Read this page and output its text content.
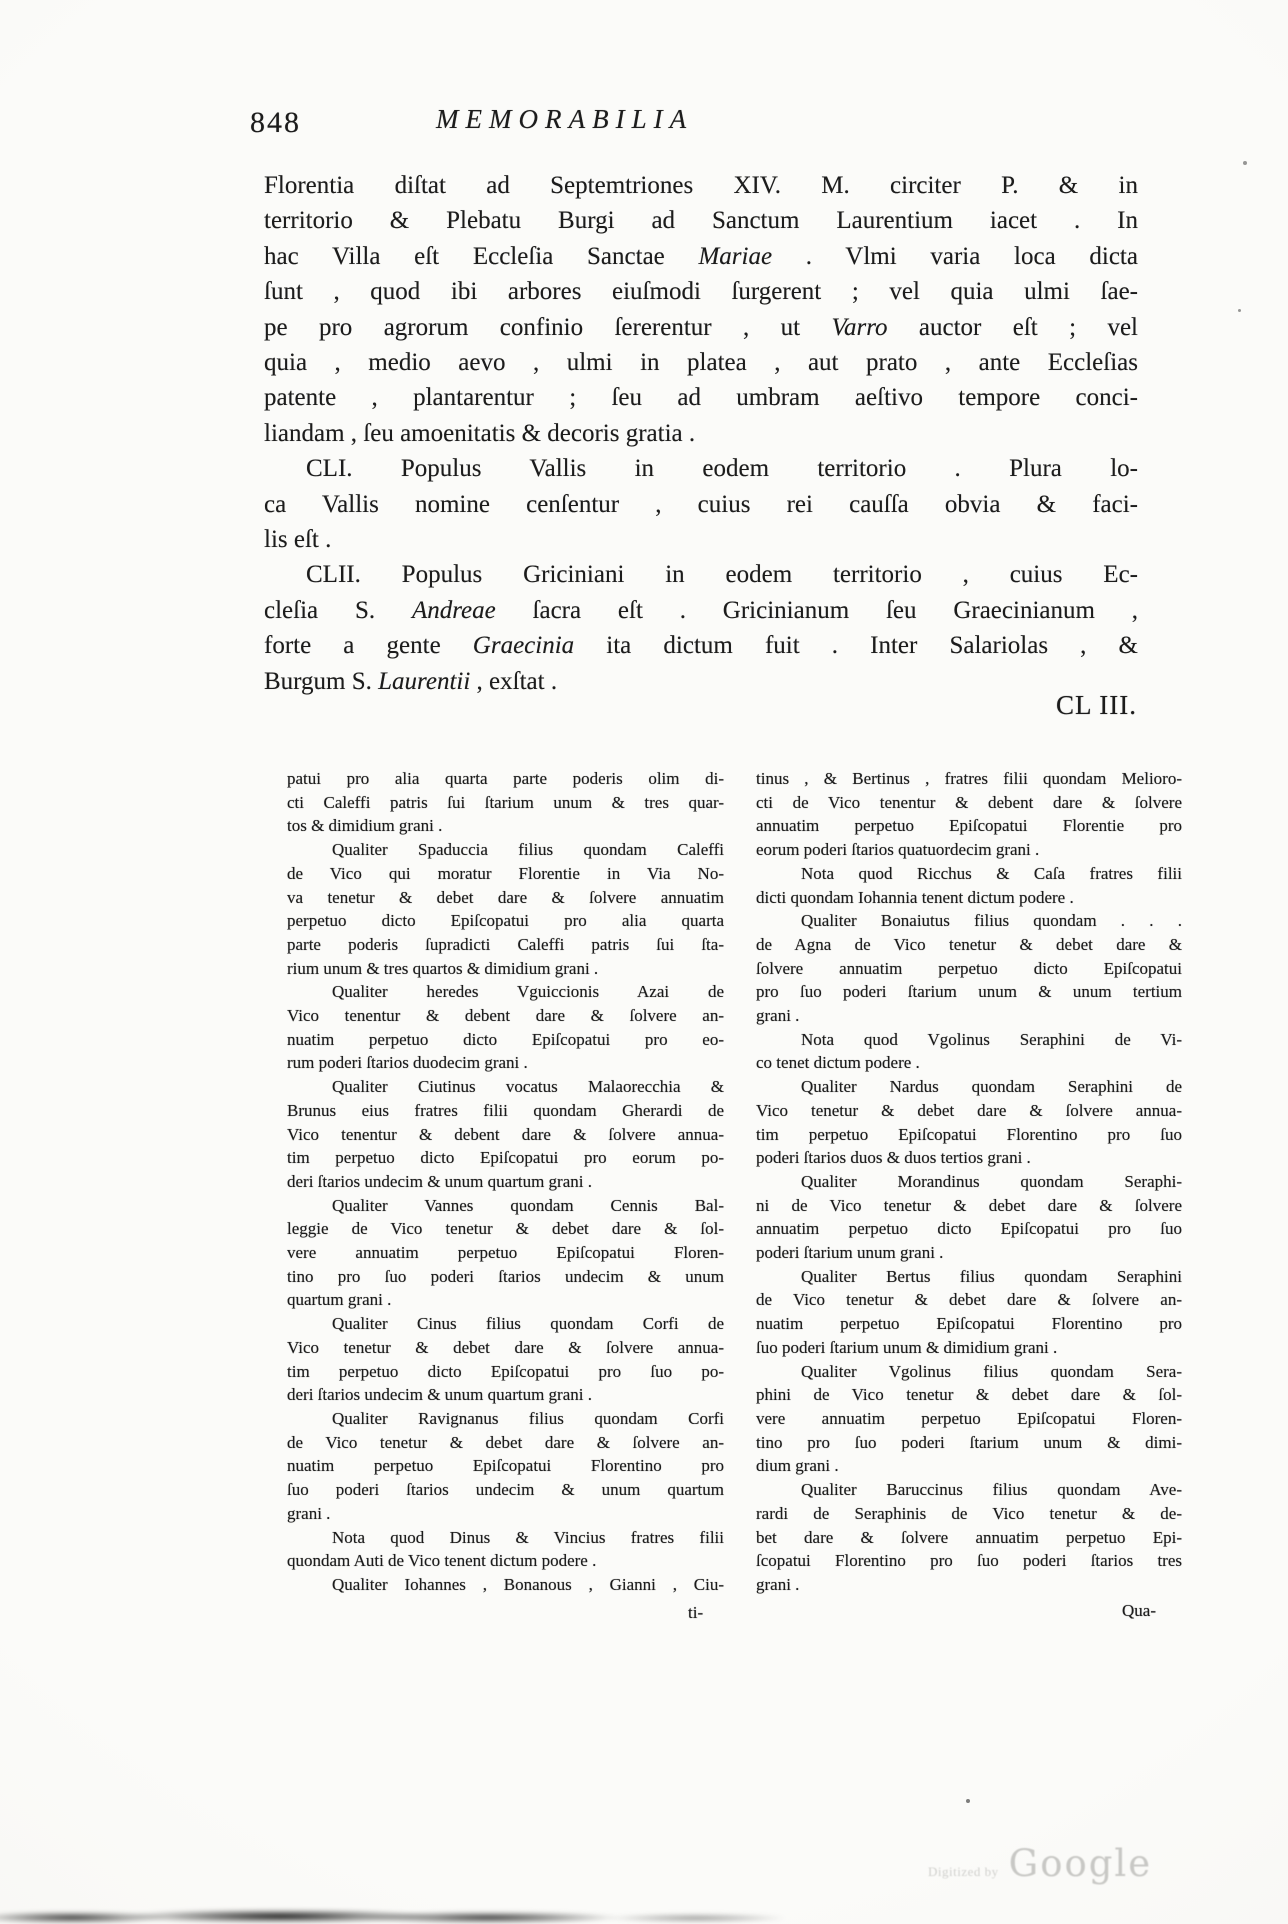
848	MEMORABILIA
Florentia diſtat ad Septemtriones XIV. M. circiter P. & in
territorio & Plebatu Burgi ad Sanctum Laurentium iacet . In
hac Villa eſt Eccleſia Sanctae Mariae . Vlmi varia loca dicta
ſunt , quod ibi arbores eiuſmodi ſurgerent ; vel quia ulmi ſae-
pe pro agrorum confinio ſererentur , ut Varro auctor eſt ; vel
quia , medio aevo , ulmi in platea , aut prato , ante Eccleſias
patente , plantarentur ; ſeu ad umbram aeſtivo tempore conci-
liandam , ſeu amoenitatis & decoris gratia .
CLI. Populus Vallis in eodem territorio . Plura lo-
ca Vallis nomine cenſentur , cuius rei cauſſa obvia & faci-
lis eſt .
CLII. Populus Griciniani in eodem territorio , cuius Ec-
cleſia S. Andreae ſacra eſt . Gricinianum ſeu Graecinianum ,
forte a gente Graecinia ita dictum fuit . Inter Salariolas , &
Burgum S. Laurentii , exſtat .
CL III.
patui pro alia quarta parte poderis olim di-
cti Caleffi patris ſui ſtarium unum & tres quar-
tos & dimidium grani .
Qualiter Spaduccia filius quondam Caleffi
de Vico qui moratur Florentie in Via No-
va tenetur & debet dare & ſolvere annuatim
perpetuo dicto Epiſcopatui pro alia quarta
parte poderis ſupradicti Caleffi patris ſui ſta-
rium unum & tres quartos & dimidium grani .
Qualiter heredes Vguiccionis Azai de
Vico tenentur & debent dare & ſolvere an-
nuatim perpetuo dicto Epiſcopatui pro eo-
rum poderi ſtarios duodecim grani .
Qualiter Ciutinus vocatus Malaorecchia &
Brunus eius fratres filii quondam Gherardi de
Vico tenentur & debent dare & ſolvere annua-
tim perpetuo dicto Epiſcopatui pro eorum po-
deri ſtarios undecim & unum quartum grani .
Qualiter Vannes quondam Cennis Bal-
leggie de Vico tenetur & debet dare & ſol-
vere annuatim perpetuo Epiſcopatui Floren-
tino pro ſuo poderi ſtarios undecim & unum
quartum grani .
Qualiter Cinus filius quondam Corfi de
Vico tenetur & debet dare & ſolvere annua-
tim perpetuo dicto Epiſcopatui pro ſuo po-
deri ſtarios undecim & unum quartum grani .
Qualiter Ravignanus filius quondam Corfi
de Vico tenetur & debet dare & ſolvere an-
nuatim perpetuo Epiſcopatui Florentino pro
ſuo poderi ſtarios undecim & unum quartum
grani .
Nota quod Dinus & Vincius fratres filii
quondam Auti de Vico tenent dictum podere .
Qualiter Iohannes , Bonanous , Gianni , Ciu-
tinus , & Bertinus , fratres filii quondam Melioro-
cti de Vico tenentur & debent dare & ſolvere
annuatim perpetuo Epiſcopatui Florentie pro
eorum poderi ſtarios quatuordecim grani .
Nota quod Ricchus & Caſa fratres filii
dicti quondam Iohannia tenent dictum podere .
Qualiter Bonaiutus filius quondam . . .
de Agna de Vico tenetur & debet dare &
ſolvere annuatim perpetuo dicto Epiſcopatui
pro ſuo poderi ſtarium unum & unum tertium
grani .
Nota quod Vgolinus Seraphini de Vi-
co tenet dictum podere .
Qualiter Nardus quondam Seraphini de
Vico tenetur & debet dare & ſolvere annua-
tim perpetuo Epiſcopatui Florentino pro ſuo
poderi ſtarios duos & duos tertios grani .
Qualiter Morandinus quondam Seraphi-
ni de Vico tenetur & debet dare & ſolvere
annuatim perpetuo dicto Epiſcopatui pro ſuo
poderi ſtarium unum grani .
Qualiter Bertus filius quondam Seraphini
de Vico tenetur & debet dare & ſolvere an-
nuatim perpetuo Epiſcopatui Florentino pro
ſuo poderi ſtarium unum & dimidium grani .
Qualiter Vgolinus filius quondam Sera-
phini de Vico tenetur & debet dare & ſol-
vere annuatim perpetuo Epiſcopatui Floren-
tino pro ſuo poderi ſtarium unum & dimi-
dium grani .
Qualiter Baruccinus filius quondam Ave-
rardi de Seraphinis de Vico tenetur & de-
bet dare & ſolvere annuatim perpetuo Epi-
ſcopatui Florentino pro ſuo poderi ſtarios tres
grani .
ti-	Qua-
Digitized by Google
